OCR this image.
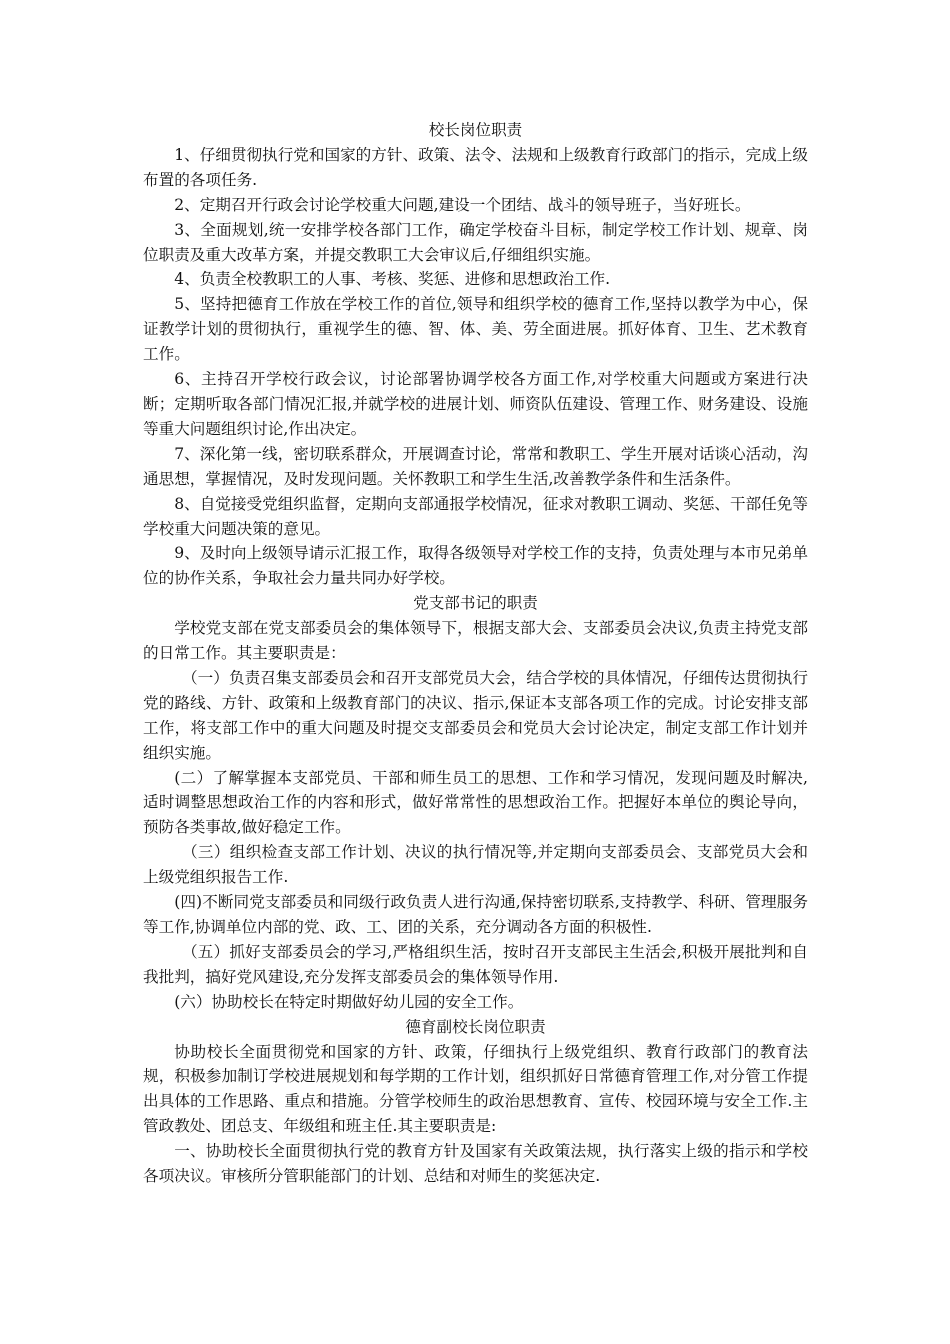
校长岗位职责

1、仔细贯彻执行党和国家的方针、政策、法令、法规和上级教育行政部门的指示，完成上级布置的各项任务.

2、定期召开行政会讨论学校重大问题,建设一个团结、战斗的领导班子，当好班长。

3、全面规划,统一安排学校各部门工作，确定学校奋斗目标，制定学校工作计划、规章、岗位职责及重大改革方案，并提交教职工大会审议后,仔细组织实施。

4、负责全校教职工的人事、考核、奖惩、进修和思想政治工作.

5、坚持把德育工作放在学校工作的首位,领导和组织学校的德育工作,坚持以教学为中心，保证教学计划的贯彻执行，重视学生的德、智、体、美、劳全面进展。抓好体育、卫生、艺术教育工作。

6、主持召开学校行政会议，讨论部署协调学校各方面工作,对学校重大问题或方案进行决断；定期听取各部门情况汇报,并就学校的进展计划、师资队伍建设、管理工作、财务建设、设施等重大问题组织讨论,作出决定。

7、深化第一线，密切联系群众，开展调查讨论，常常和教职工、学生开展对话谈心活动，沟通思想，掌握情况，及时发现问题。关怀教职工和学生生活,改善教学条件和生活条件。

8、自觉接受党组织监督，定期向支部通报学校情况，征求对教职工调动、奖惩、干部任免等学校重大问题决策的意见。

9、及时向上级领导请示汇报工作，取得各级领导对学校工作的支持，负责处理与本市兄弟单位的协作关系，争取社会力量共同办好学校。

党支部书记的职责

学校党支部在党支部委员会的集体领导下，根据支部大会、支部委员会决议,负责主持党支部的日常工作。其主要职责是：

（一）负责召集支部委员会和召开支部党员大会，结合学校的具体情况，仔细传达贯彻执行党的路线、方针、政策和上级教育部门的决议、指示,保证本支部各项工作的完成。讨论安排支部工作，将支部工作中的重大问题及时提交支部委员会和党员大会讨论决定，制定支部工作计划并组织实施。

(二）了解掌握本支部党员、干部和师生员工的思想、工作和学习情况，发现问题及时解决,适时调整思想政治工作的内容和形式，做好常常性的思想政治工作。把握好本单位的舆论导向，预防各类事故,做好稳定工作。

（三）组织检查支部工作计划、决议的执行情况等,并定期向支部委员会、支部党员大会和上级党组织报告工作.

(四)不断同党支部委员和同级行政负责人进行沟通,保持密切联系,支持教学、科研、管理服务等工作,协调单位内部的党、政、工、团的关系，充分调动各方面的积极性.

（五）抓好支部委员会的学习,严格组织生活，按时召开支部民主生活会,积极开展批判和自我批判，搞好党风建设,充分发挥支部委员会的集体领导作用.

(六）协助校长在特定时期做好幼儿园的安全工作。

德育副校长岗位职责

协助校长全面贯彻党和国家的方针、政策，仔细执行上级党组织、教育行政部门的教育法规，积极参加制订学校进展规划和每学期的工作计划，组织抓好日常德育管理工作,对分管工作提出具体的工作思路、重点和措施。分管学校师生的政治思想教育、宣传、校园环境与安全工作.主管政教处、团总支、年级组和班主任.其主要职责是:

一、协助校长全面贯彻执行党的教育方针及国家有关政策法规，执行落实上级的指示和学校各项决议。审核所分管职能部门的计划、总结和对师生的奖惩决定.
